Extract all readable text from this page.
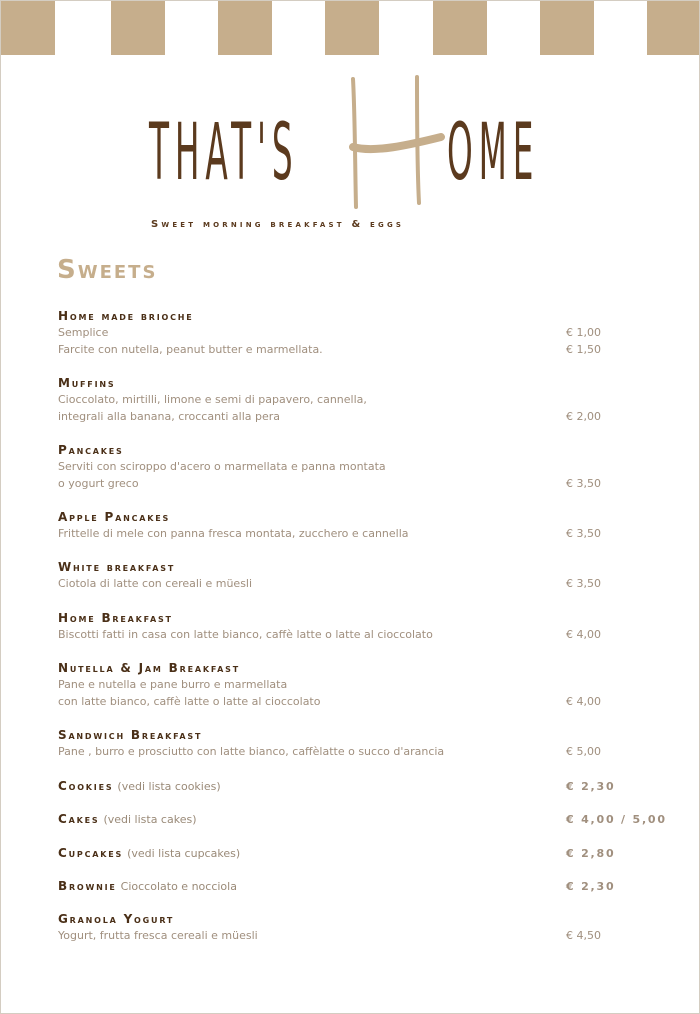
THAT'S OME
Sweet morning breakfast & eggs
Sweets
Home made brioche
Semplice	€ 1,00
Farcite con nutella, peanut butter e marmellata.	€ 1,50
Muffins
Cioccolato, mirtilli, limone e semi di papavero, cannella,
integrali alla banana, croccanti alla pera	€ 2,00
Pancakes
Serviti con sciroppo d'acero o marmellata e panna montata
o yogurt greco	€ 3,50
Apple Pancakes
Frittelle di mele con panna fresca montata, zucchero e cannella	€ 3,50
White breakfast
Ciotola di latte con cereali e müesli	€ 3,50
Home Breakfast
Biscotti fatti in casa con latte bianco, caffè latte o latte al cioccolato	€ 4,00
Nutella & Jam Breakfast
Pane e nutella e pane burro e marmellata
con latte bianco, caffè latte o latte al cioccolato	€ 4,00
Sandwich Breakfast
Pane , burro e prosciutto con latte bianco, caffèlatte o succo d'arancia	€ 5,00
Cookies (vedi lista cookies)	€ 2,30
Cakes (vedi lista cakes)	€ 4,00 / 5,00
Cupcakes (vedi lista cupcakes)	€ 2,80
Brownie Cioccolato e nocciola	€ 2,30
Granola Yogurt
Yogurt, frutta fresca cereali e müesli	€ 4,50
